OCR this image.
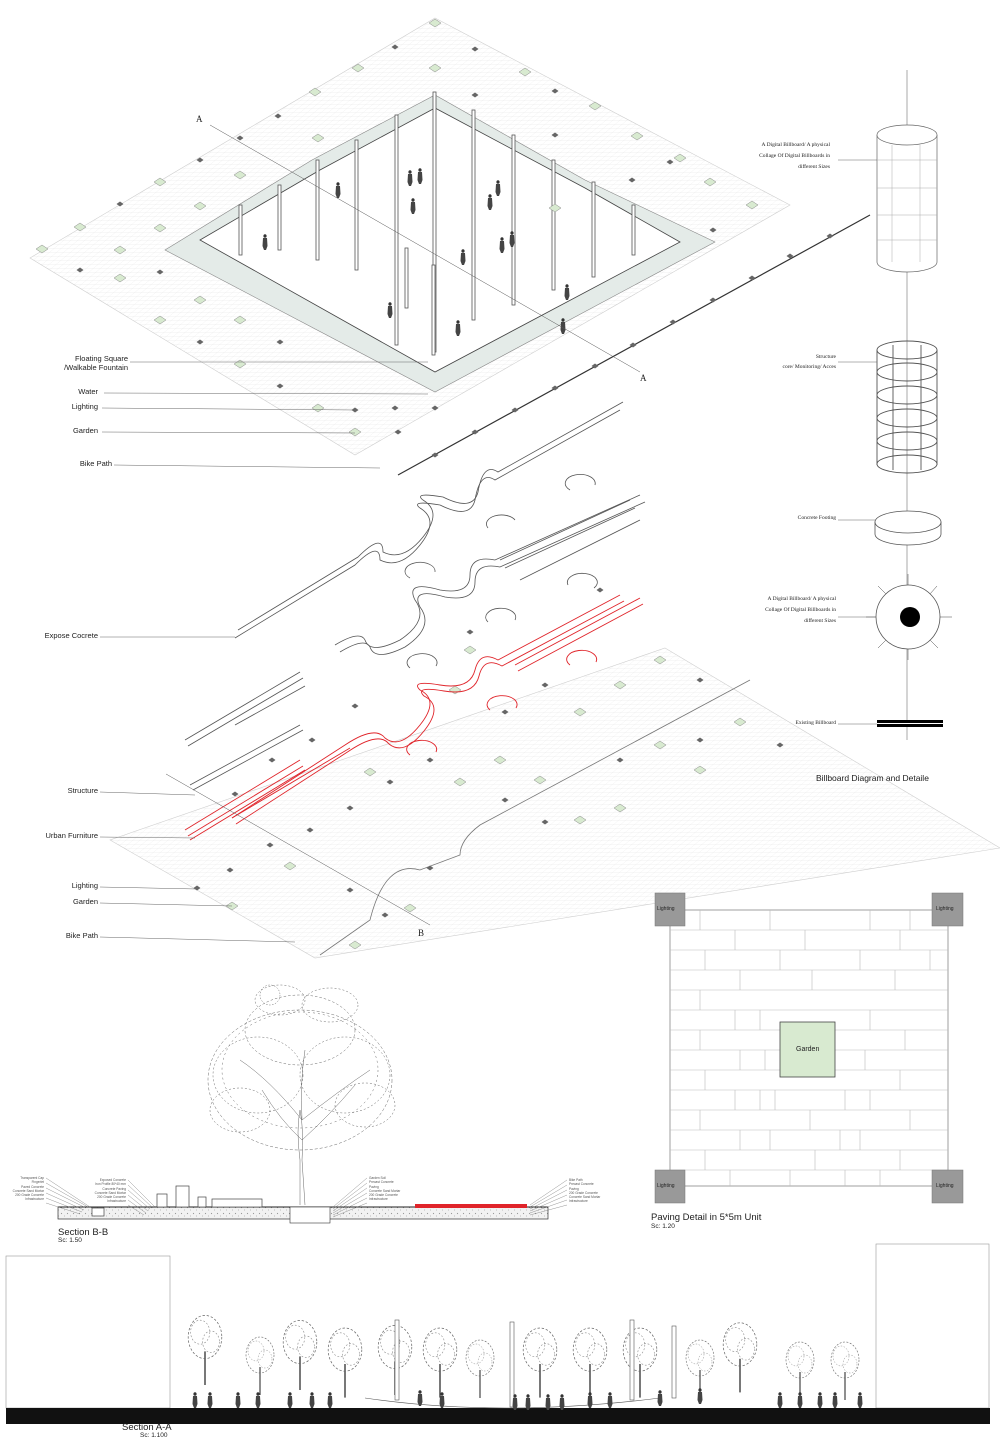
A
A
Floating Square
/Walkable Fountain
Water
Lighting
Garden
Bike Path
Expose Cocrete
Structure
Urban Furniture
Lighting
Garden
Bike Path	B
A Digital Billboard/ A physical
Collage Of Digital Billboards in
different Sizes
Structure
core/ Monitoring/ Acces
Concrete Footing
A Digital Billboard/ A physical
Collage Of Digital Billboards in
different Sizes
Existing Billboard
Billboard Diagram and Detaile
Lighting	Lighting
Lighting	Lighting
Garden
Paving Detail in 5*5m Unit
Sc: 1.20
Transparent Cap
Fingerlet
Paved Concrete
Concrete Sand Mortar
200 Grade Concrete
Infrastructure
Exposed Concrete
Iron Profile 80*40 mm
Concrete Paving
Concrete Sand Mortar
200 Grade Concrete
Infrastructure
Garden Soil
Precast Concrete
Paving
Concrete Sand Mortar
200 Grade Concrete
Infrastructure
Bike Path
Precast Concrete
Paving
200 Grade Concrete
Concrete Sand Mortar
Infrastructure
Section B-B
Sc: 1.50
Section A-A
Sc: 1.100
